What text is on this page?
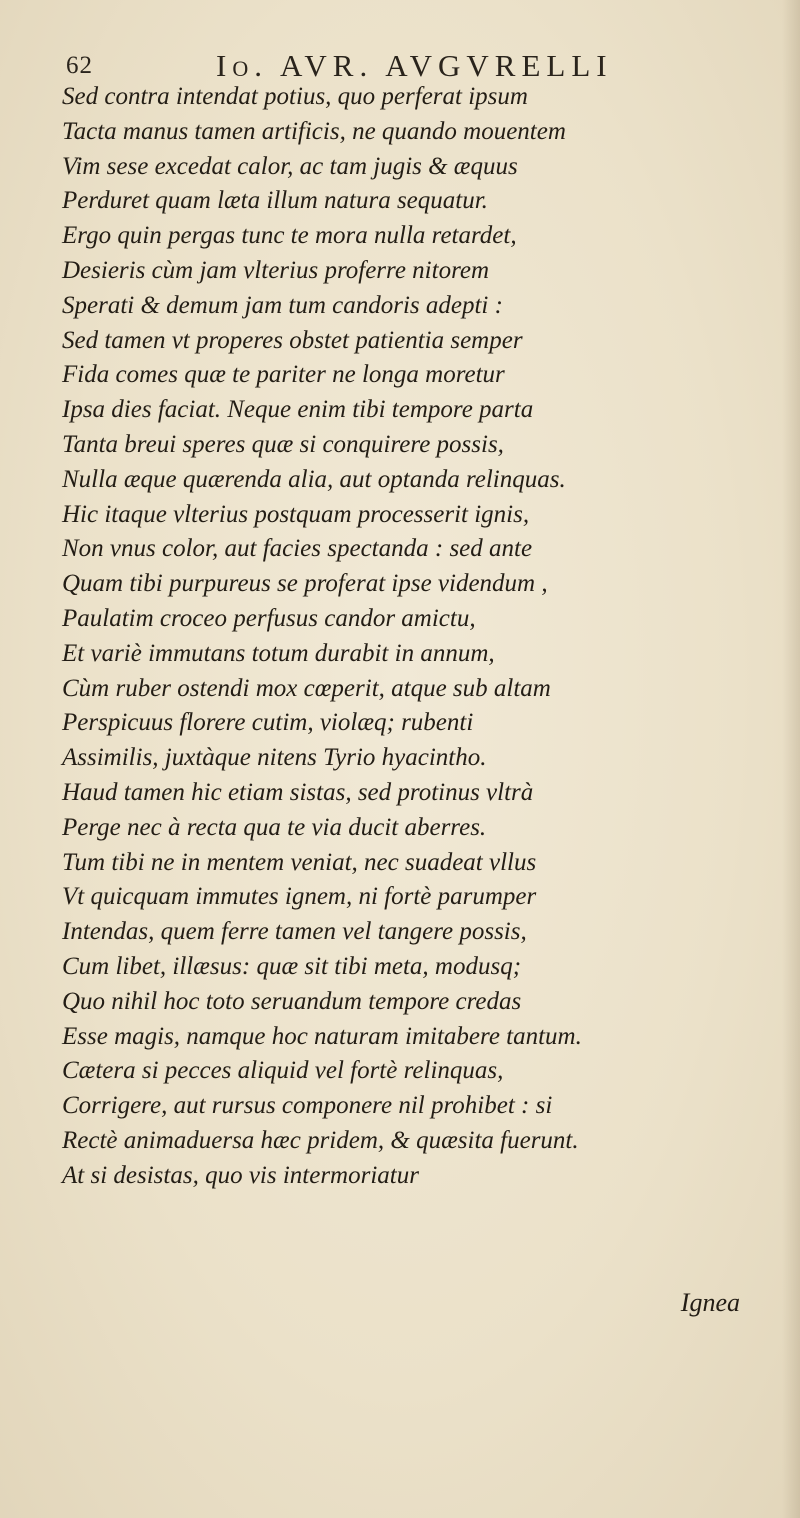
62	Io. AVR. AVGVRELLI
Sed contra intendat potius, quo perferat ipsum
Tacta manus tamen artificis, ne quando mouentem
Vim sese excedat calor, ac tam jugis & æquus
Perduret quam læta illum natura sequatur.
Ergo quin pergas tunc te mora nulla retardet,
Desieris cùm jam vlterius proferre nitorem
Sperati & demum jam tum candoris adepti :
Sed tamen vt properes obstet patientia semper
Fida comes quæ te pariter ne longa moretur
Ipsa dies faciat. Neque enim tibi tempore parta
Tanta breui speres quæ si conquirere possis,
Nulla æque quærenda alia, aut optanda relinquas.
Hic itaque vlterius postquam processerit ignis,
Non vnus color, aut facies spectanda : sed ante
Quam tibi purpureus se proferat ipse videndum ,
Paulatim croceo perfusus candor amictu,
Et variè immutans totum durabit in annum,
Cùm ruber ostendi mox cœperit, atque sub altam
Perspicuus florere cutim, violæq; rubenti
Assimilis, juxtàque nitens Tyrio hyacintho.
Haud tamen hic etiam sistas, sed protinus vltrà
Perge nec à recta qua te via ducit aberres.
Tum tibi ne in mentem veniat, nec suadeat vllus
Vt quicquam immutes ignem, ni fortè parumper
Intendas, quem ferre tamen vel tangere possis,
Cum libet, illæsus: quæ sit tibi meta, modusq;
Quo nihil hoc toto seruandum tempore credas
Esse magis, namque hoc naturam imitabere tantum.
Cætera si pecces aliquid vel fortè relinquas,
Corrigere, aut rursus componere nil prohibet : si
Rectè animaduersa hæc pridem, & quæsita fuerunt.
At si desistas, quo vis intermoriatur
Ignea
